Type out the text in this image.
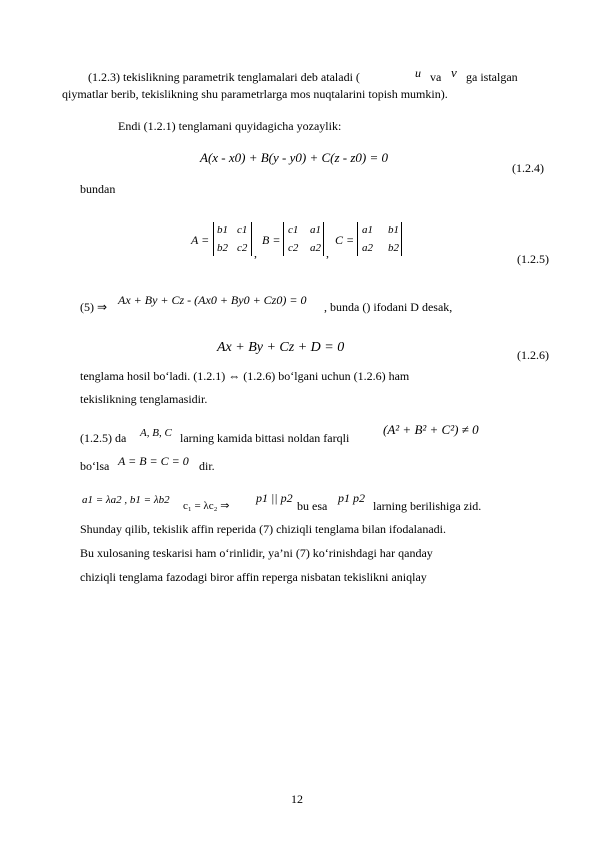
(1.2.3) tekislikning parametrik tenglamalari deb ataladi (	u va v ga istalgan
qiymatlar berib, tekislikning shu parametrlarga mos nuqtalarini topish mumkin).
Endi (1.2.1) tenglamani quyidagicha yozaylik:
A(x - x0) + B(y - y0) + C(z - z0) = 0
(1.2.4)
bundan
A =
b1 c1
b2 c2 ,
B =
c1 a1
c2 a2 ,
C =
a1 b1
a2 b2
(1.2.5)
(5) ⇒ Ax + By + Cz - (Ax0 + By0 + Cz0) = 0 , bunda () ifodani D desak,
Ax + By + Cz + D = 0	(1.2.6)
tenglama hosil bo‘ladi. (1.2.1) ⇔ (1.2.6) bo‘lgani uchun (1.2.6) ham
tekislikning tenglamasidir.
(1.2.5) da A, B, C larning kamida bittasi noldan farqli
(A² + B² + C²) ≠ 0
bo‘lsa A = B = C = 0 dir.
a1 = λa2 , b1 = λb2 c₁ = λc₂ ⇒
p1 || p2
bu esa
p1 p2
larning berilishiga zid.
Shunday qilib, tekislik affin reperida (7) chiziqli tenglama bilan ifodalanadi.
Bu xulosaning teskarisi ham o‘rinlidir, ya’ni (7) ko‘rinishdagi har qanday
chiziqli tenglama fazodagi biror affin reperga nisbatan tekislikni aniqlay
12
